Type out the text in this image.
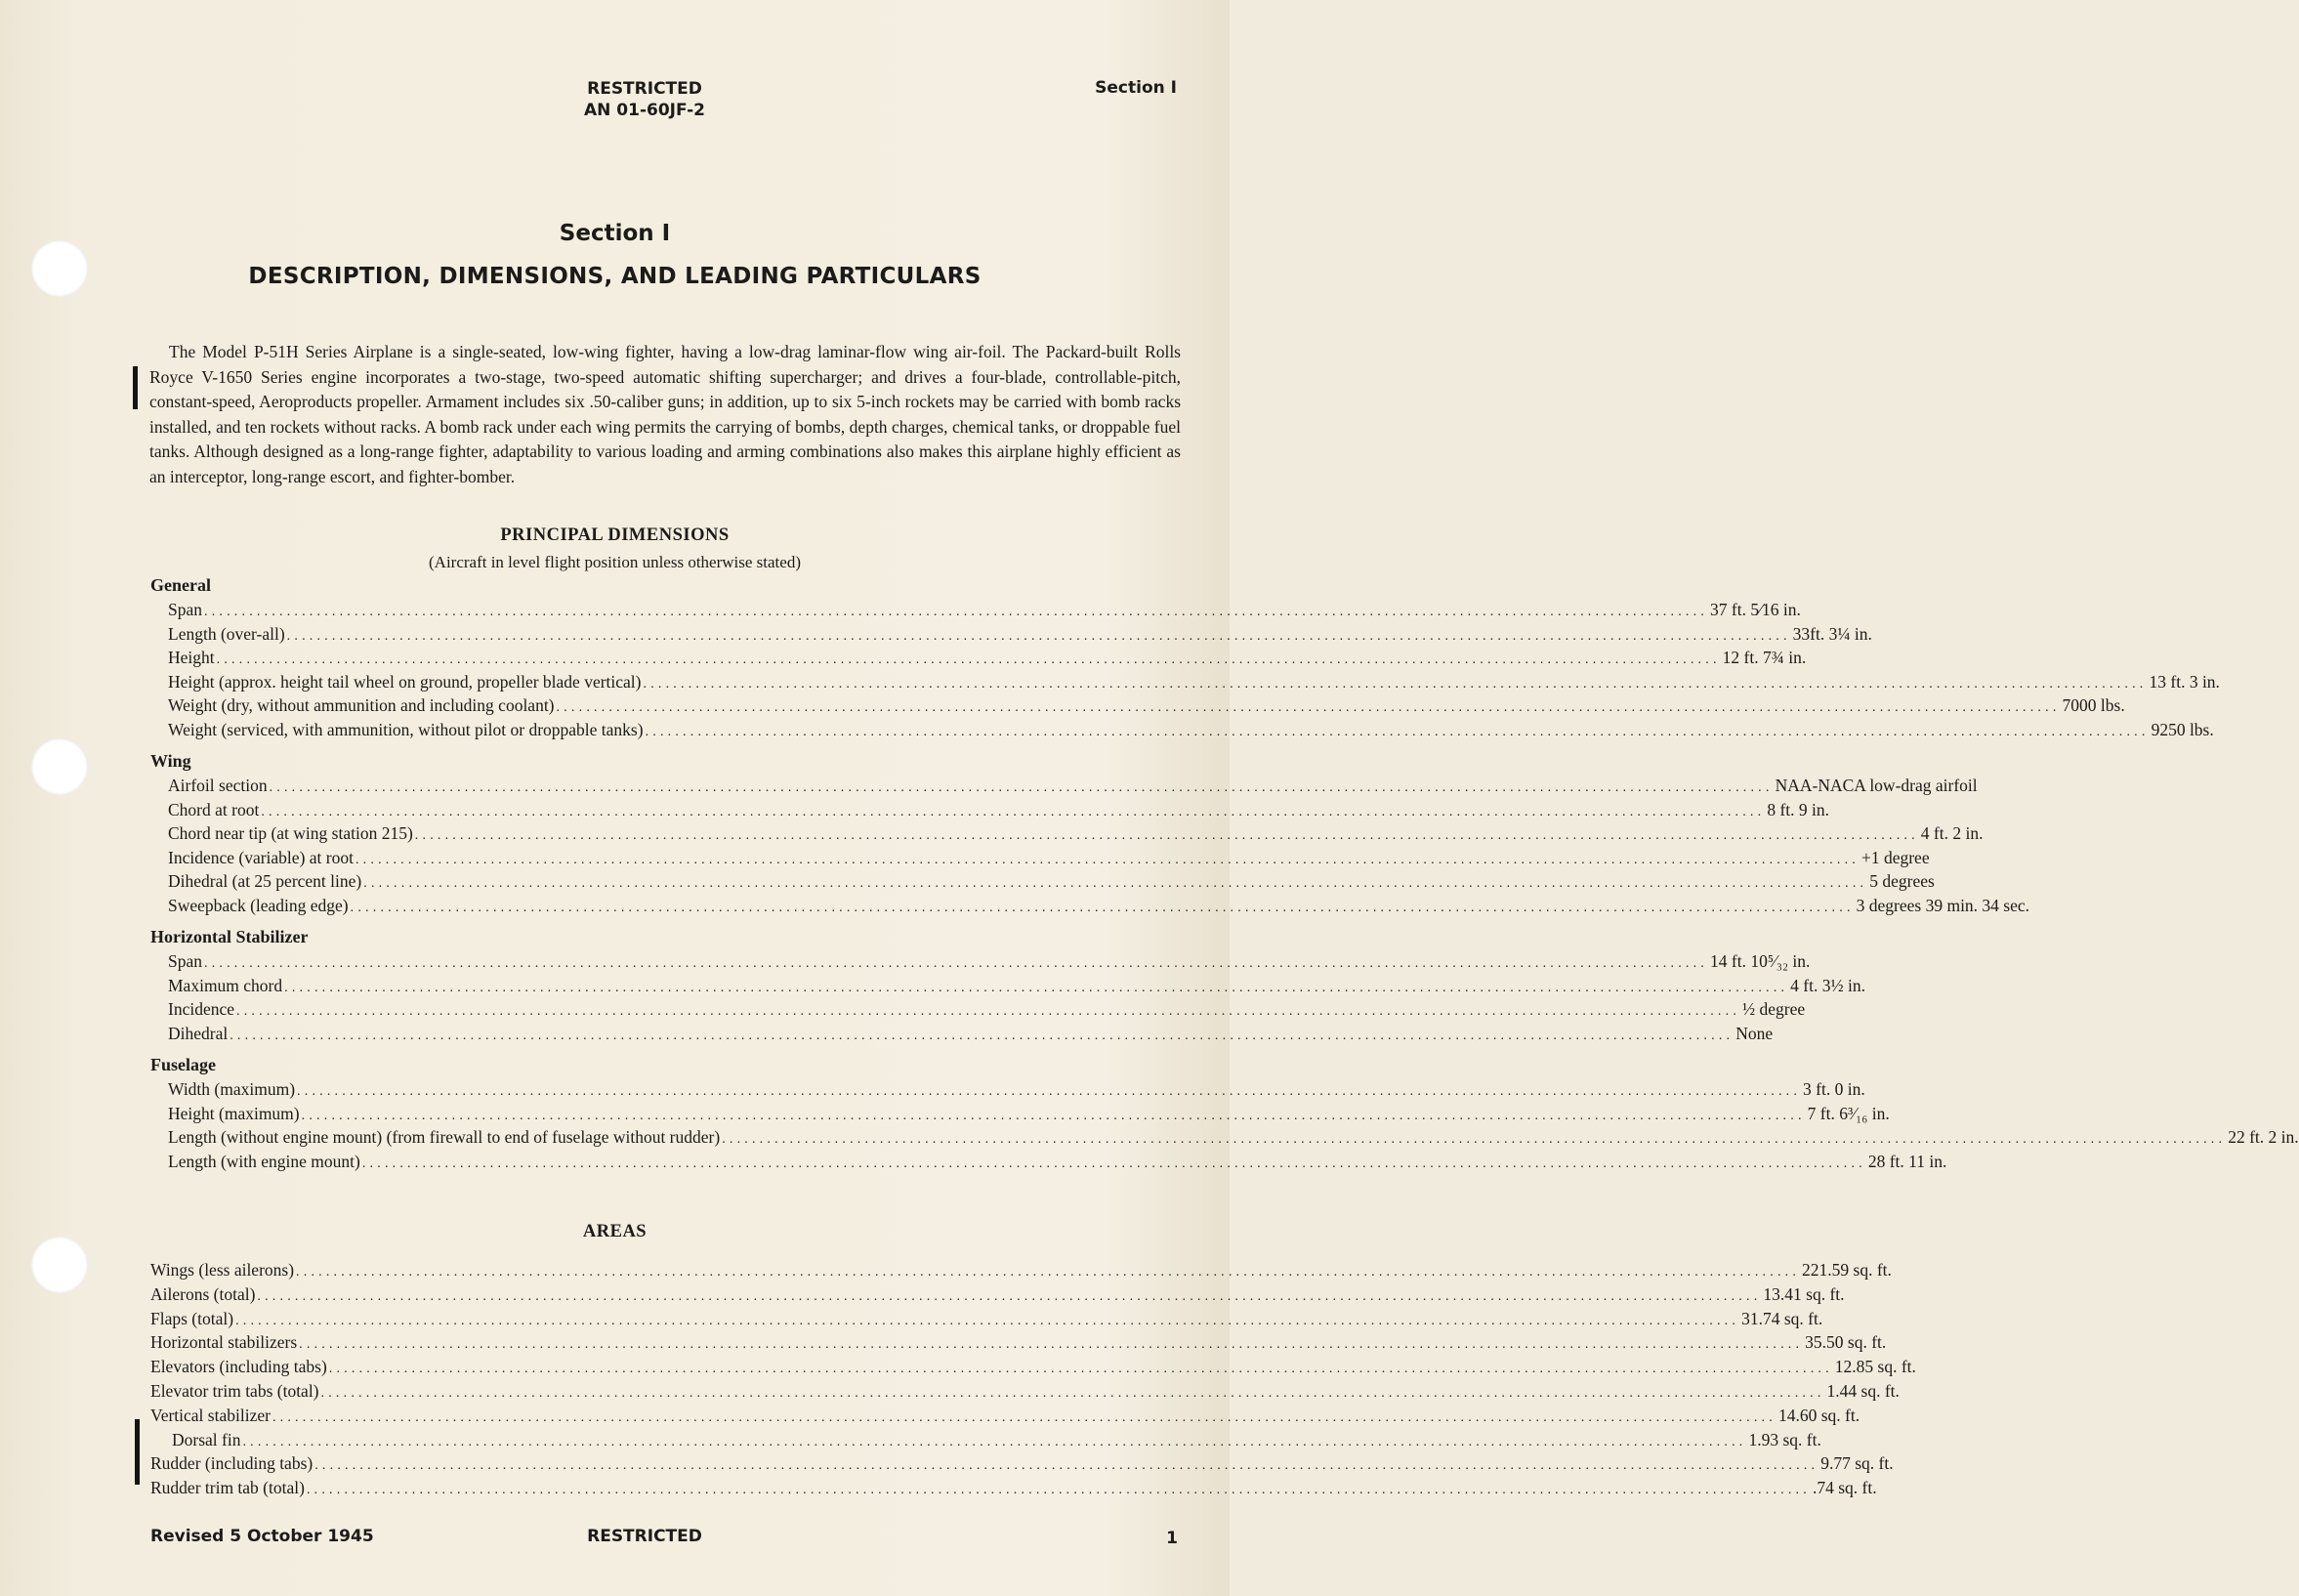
RESTRICTED
AN 01-60JF-2
Section I
Section I
DESCRIPTION, DIMENSIONS, AND LEADING PARTICULARS

The Model P-51H Series Airplane is a single-seated, low-wing fighter, having a low-drag laminar-flow wing air-foil. The Packard-built Rolls Royce V-1650 Series engine incorporates a two-stage, two-speed automatic shifting supercharger; and drives a four-blade, controllable-pitch, constant-speed, Aeroproducts propeller. Armament includes six .50-caliber guns; in addition, up to six 5-inch rockets may be carried with bomb racks installed, and ten rockets without racks. A bomb rack under each wing permits the carrying of bombs, depth charges, chemical tanks, or droppable fuel tanks. Although designed as a long-range fighter, adaptability to various loading and arming combinations also makes this airplane highly efficient as an interceptor, long-range escort, and fighter-bomber.

PRINCIPAL DIMENSIONS
(Aircraft in level flight position unless otherwise stated)
General
Span ........................................................................................................................................................................................................ 37 ft. 5⁄16 in.
Length (over-all) ........................................................................................................................................................................................................ 33ft. 3¼ in.
Height ........................................................................................................................................................................................................ 12 ft. 7¾ in.
Height (approx. height tail wheel on ground, propeller blade vertical) ........................................................................................................................................................................................................ 13 ft. 3 in.
Weight (dry, without ammunition and including coolant) ........................................................................................................................................................................................................ 7000 lbs.
Weight (serviced, with ammunition, without pilot or droppable tanks) ........................................................................................................................................................................................................ 9250 lbs.
Wing
Airfoil section ........................................................................................................................................................................................................ NAA-NACA low-drag airfoil
Chord at root ........................................................................................................................................................................................................ 8 ft. 9 in.
Chord near tip (at wing station 215) ........................................................................................................................................................................................................ 4 ft. 2 in.
Incidence (variable) at root ........................................................................................................................................................................................................ +1 degree
Dihedral (at 25 percent line) ........................................................................................................................................................................................................ 5 degrees
Sweepback (leading edge) ........................................................................................................................................................................................................ 3 degrees 39 min. 34 sec.
Horizontal Stabilizer
Span ........................................................................................................................................................................................................ 14 ft. 10⁵⁄₃₂ in.
Maximum chord ........................................................................................................................................................................................................ 4 ft. 3½ in.
Incidence ........................................................................................................................................................................................................ ½ degree
Dihedral ........................................................................................................................................................................................................ None
Fuselage
Width (maximum) ........................................................................................................................................................................................................ 3 ft. 0 in.
Height (maximum) ........................................................................................................................................................................................................ 7 ft. 6³⁄₁₆ in.
Length (without engine mount) (from firewall to end of fuselage without rudder) ........................................................................................................................................................................................................ 22 ft. 2 in.
Length (with engine mount) ........................................................................................................................................................................................................ 28 ft. 11 in.
AREAS
Wings (less ailerons) ........................................................................................................................................................................................................ 221.59 sq. ft.
Ailerons (total) ........................................................................................................................................................................................................ 13.41 sq. ft.
Flaps (total) ........................................................................................................................................................................................................ 31.74 sq. ft.
Horizontal stabilizers ........................................................................................................................................................................................................ 35.50 sq. ft.
Elevators (including tabs) ........................................................................................................................................................................................................ 12.85 sq. ft.
Elevator trim tabs (total) ........................................................................................................................................................................................................ 1.44 sq. ft.
Vertical stabilizer ........................................................................................................................................................................................................ 14.60 sq. ft.
Dorsal fin ........................................................................................................................................................................................................ 1.93 sq. ft.
Rudder (including tabs) ........................................................................................................................................................................................................ 9.77 sq. ft.
Rudder trim tab (total) ........................................................................................................................................................................................................ .74 sq. ft.
Revised 5 October 1945	RESTRICTED	1
